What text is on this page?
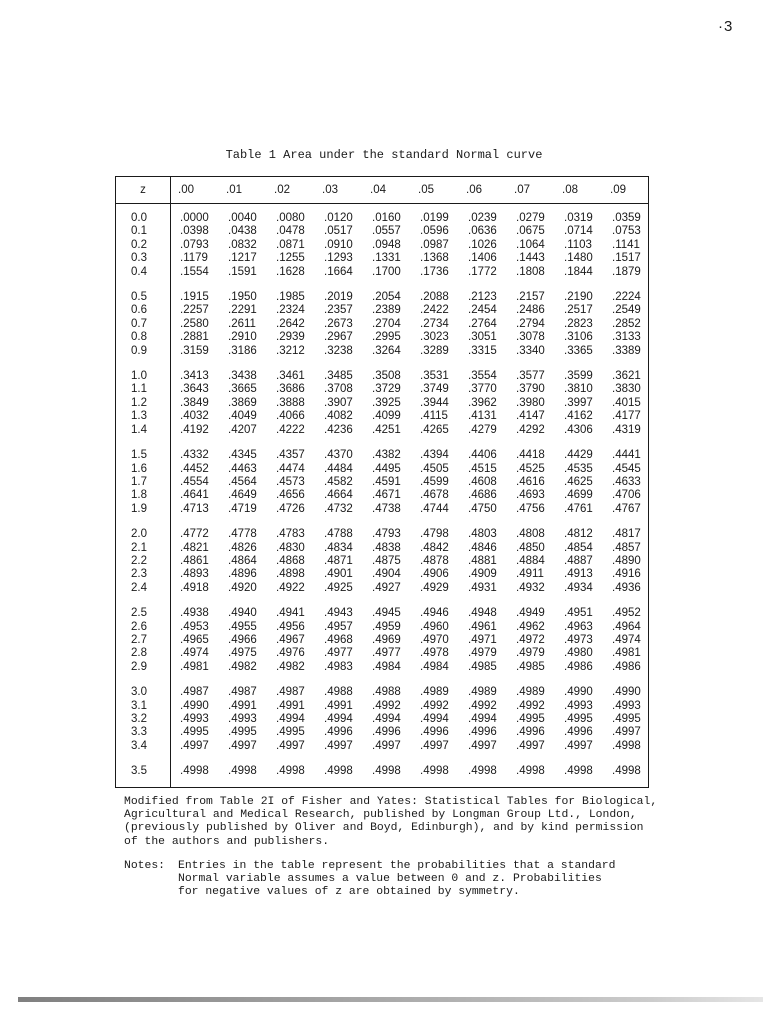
·3
Tablе 1 Area under the standard Normal curve
z	.00	.01	.02	.03	.04	.05	.06	.07	.08	.09

0.0	.0000	.0040	.0080	.0120	.0160	.0199	.0239	.0279	.0319	.0359
0.1	.0398	.0438	.0478	.0517	.0557	.0596	.0636	.0675	.0714	.0753
0.2	.0793	.0832	.0871	.0910	.0948	.0987	.1026	.1064	.1103	.1141
0.3	.1179	.1217	.1255	.1293	.1331	.1368	.1406	.1443	.1480	.1517
0.4	.1554	.1591	.1628	.1664	.1700	.1736	.1772	.1808	.1844	.1879

0.5	.1915	.1950	.1985	.2019	.2054	.2088	.2123	.2157	.2190	.2224
0.6	.2257	.2291	.2324	.2357	.2389	.2422	.2454	.2486	.2517	.2549
0.7	.2580	.2611	.2642	.2673	.2704	.2734	.2764	.2794	.2823	.2852
0.8	.2881	.2910	.2939	.2967	.2995	.3023	.3051	.3078	.3106	.3133
0.9	.3159	.3186	.3212	.3238	.3264	.3289	.3315	.3340	.3365	.3389

1.0	.3413	.3438	.3461	.3485	.3508	.3531	.3554	.3577	.3599	.3621
1.1	.3643	.3665	.3686	.3708	.3729	.3749	.3770	.3790	.3810	.3830
1.2	.3849	.3869	.3888	.3907	.3925	.3944	.3962	.3980	.3997	.4015
1.3	.4032	.4049	.4066	.4082	.4099	.4115	.4131	.4147	.4162	.4177
1.4	.4192	.4207	.4222	.4236	.4251	.4265	.4279	.4292	.4306	.4319

1.5	.4332	.4345	.4357	.4370	.4382	.4394	.4406	.4418	.4429	.4441
1.6	.4452	.4463	.4474	.4484	.4495	.4505	.4515	.4525	.4535	.4545
1.7	.4554	.4564	.4573	.4582	.4591	.4599	.4608	.4616	.4625	.4633
1.8	.4641	.4649	.4656	.4664	.4671	.4678	.4686	.4693	.4699	.4706
1.9	.4713	.4719	.4726	.4732	.4738	.4744	.4750	.4756	.4761	.4767

2.0	.4772	.4778	.4783	.4788	.4793	.4798	.4803	.4808	.4812	.4817
2.1	.4821	.4826	.4830	.4834	.4838	.4842	.4846	.4850	.4854	.4857
2.2	.4861	.4864	.4868	.4871	.4875	.4878	.4881	.4884	.4887	.4890
2.3	.4893	.4896	.4898	.4901	.4904	.4906	.4909	.4911	.4913	.4916
2.4	.4918	.4920	.4922	.4925	.4927	.4929	.4931	.4932	.4934	.4936

2.5	.4938	.4940	.4941	.4943	.4945	.4946	.4948	.4949	.4951	.4952
2.6	.4953	.4955	.4956	.4957	.4959	.4960	.4961	.4962	.4963	.4964
2.7	.4965	.4966	.4967	.4968	.4969	.4970	.4971	.4972	.4973	.4974
2.8	.4974	.4975	.4976	.4977	.4977	.4978	.4979	.4979	.4980	.4981
2.9	.4981	.4982	.4982	.4983	.4984	.4984	.4985	.4985	.4986	.4986

3.0	.4987	.4987	.4987	.4988	.4988	.4989	.4989	.4989	.4990	.4990
3.1	.4990	.4991	.4991	.4991	.4992	.4992	.4992	.4992	.4993	.4993
3.2	.4993	.4993	.4994	.4994	.4994	.4994	.4994	.4995	.4995	.4995
3.3	.4995	.4995	.4995	.4996	.4996	.4996	.4996	.4996	.4996	.4997
3.4	.4997	.4997	.4997	.4997	.4997	.4997	.4997	.4997	.4997	.4998

3.5	.4998	.4998	.4998	.4998	.4998	.4998	.4998	.4998	.4998	.4998
Modified from Table 2I of Fisher and Yates: Statistical Tables for Biological,
Agricultural and Medical Research, published by Longman Group Ltd., London,
(previously published by Oliver and Boyd, Edinburgh), and by kind permission
of the authors and publishers.
Notes:	Entries in the table represent the probabilities that a standard
Normal variable assumes a value between 0 and z. Probabilities
for negative values of z are obtained by symmetry.
